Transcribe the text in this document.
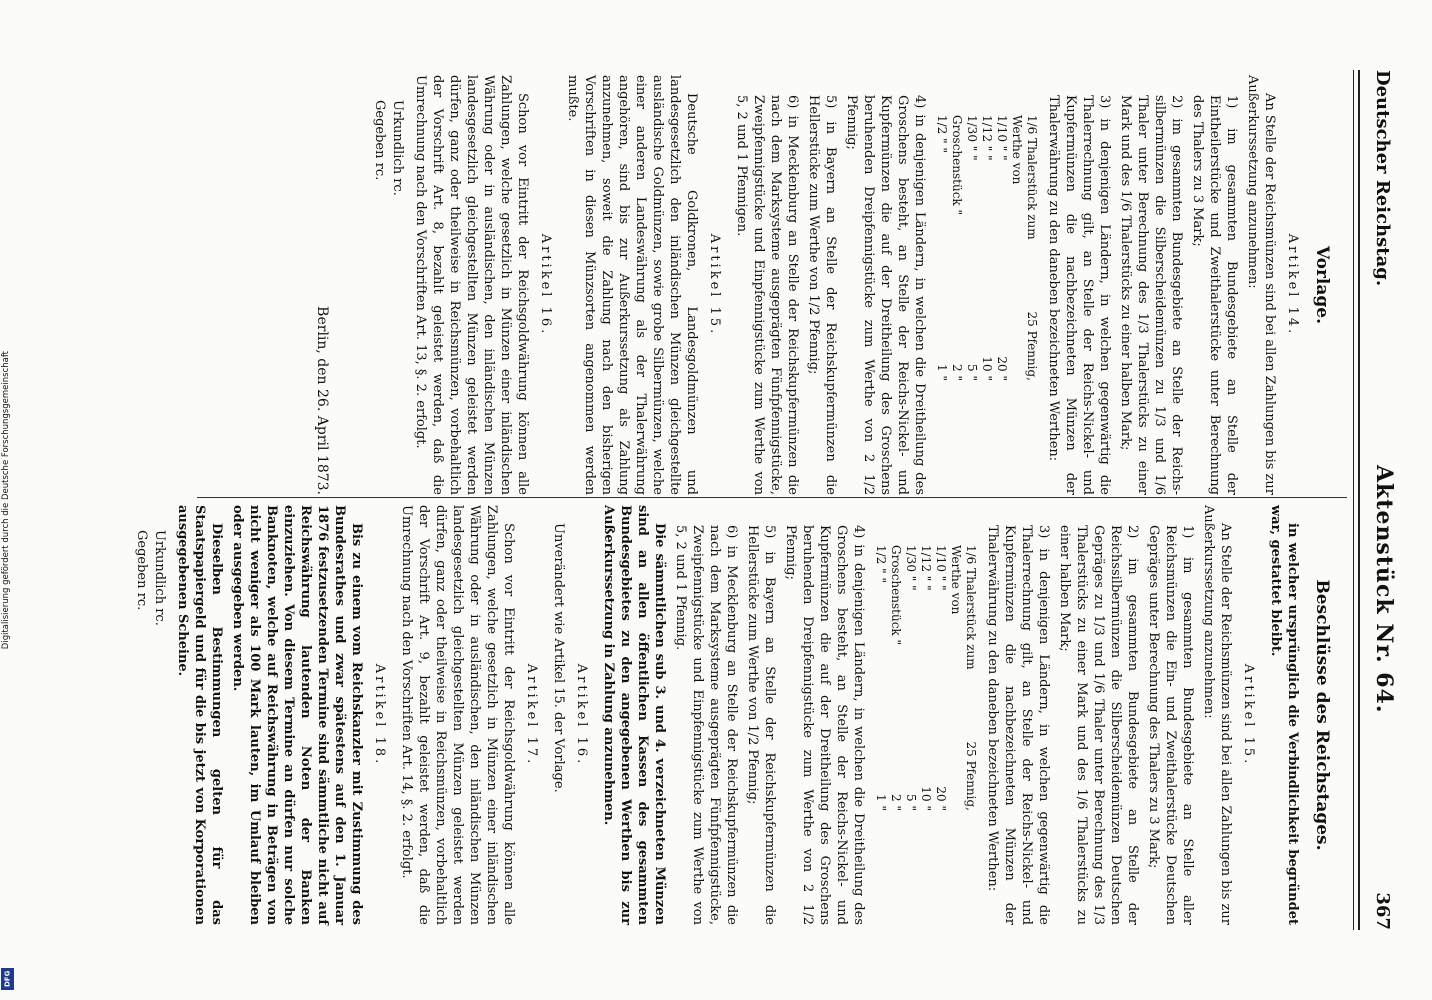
Deutscher Reichstag.
Aktenstück Nr. 64.
367
Vorlage.
Artikel 14.
An Stelle der Reichsmünzen sind bei allen Zahlungen bis zur Außerkurssetzung anzunehmen:
1) im gesammten Bundesgebiete an Stelle der Eintheilerstücke und Zweithalerstücke unter Berechnung des Thalers zu 3 Mark;
2) im gesammten Bundesgebiete an Stelle der Reichs-silbermünzen die Silberscheidemünzen zu 1/3 und 1/6 Thaler unter Berechnung des 1/3 Thalerstücks zu einer Mark und des 1/6 Thalerstücks zu einer halben Mark;
3) in denjenigen Ländern, in welchen gegenwärtig die Thalerrechnung gilt, an Stelle der Reichs-Nickel- und Kupfermünzen die nachbezeichneten Münzen der Thalerwährung zu den daneben bezeichneten Werthen:
1/6 Thalerstück zum Werthe von
25 Pfennig,
1/10 " "
20 "
1/12 " "
10 "
1/30 " "
5 "
Groschenstück "
2 "
1/2 " "
1 "
4) in denjenigen Ländern, in welchen die Dreitheilung des Groschens besteht, an Stelle der Reichs-Nickel- und Kupfermünzen die auf der Dreitheilung des Groschens beruhenden Dreipfennigstücke zum Werthe von 2 1/2 Pfennig;
5) in Bayern an Stelle der Reichskupfermünzen die Hellerstücke zum Werthe von 1/2 Pfennig;
6) in Mecklenburg an Stelle der Reichskupfermünzen die nach dem Marksysteme ausgeprägten Fünfpfennigstücke, Zweipfennigstücke und Einpfennigstücke zum Werthe von 5, 2 und 1 Pfennigen.
Artikel 15.
Deutsche Goldkronen, Landesgoldmünzen und landesgesetzlich den inländischen Münzen gleichgestellte ausländische Goldmünzen, sowie grobe Silbermünzen, welche einer anderen Landeswährung als der Thalerwährung angehören, sind bis zur Außerkurssetzung als Zahlung anzunehmen, soweit die Zahlung nach den bisherigen Vorschriften in diesen Münzsorten angenommen werden mußte.
Artikel 16.
Schon vor Eintritt der Reichsgoldwährung können alle Zahlungen, welche gesetzlich in Münzen einer inländischen Währung oder in ausländischen, den inländischen Münzen landesgesetzlich gleichgestellten Münzen geleistet werden dürfen, ganz oder theilweise in Reichsmünzen, vorbehaltlich der Vorschrift Art. 8, bezahlt geleistet werden, daß die Umrechnung nach den Vorschriften Art. 13, §. 2. erfolgt.
Urkundlich rc.
Gegeben rc.
Berlin, den 26. April 1873.
Beschlüsse des Reichstages.
in welcher ursprünglich die Verbindlichkeit begründet war, gestattet bleibt.
Artikel 15.
An Stelle der Reichsmünzen sind bei allen Zahlungen bis zur Außerkurssetzung anzunehmen:
1) im gesammten Bundesgebiete an Stelle aller Reichsmünzen die Ein- und Zweithalerstücke Deutschen Gepräges unter Berechnung des Thalers zu 3 Mark;
2) im gesammten Bundesgebiete an Stelle der Reichssilbermünzen die Silberscheidemünzen Deutschen Gepräges zu 1/3 und 1/6 Thaler unter Berechnung des 1/3 Thalerstücks zu einer Mark und des 1/6 Thalerstücks zu einer halben Mark;
3) in denjenigen Ländern, in welchen gegenwärtig die Thalerrechnung gilt, an Stelle der Reichs-Nickel- und Kupfermünzen die nachbezeichneten Münzen der Thalerwährung zu den daneben bezeichneten Werthen:
1/6 Thalerstück zum Werthe von
25 Pfennig,
1/10 " "
20 "
1/12 " "
10 "
1/30 " "
5 "
Groschenstück "
2 "
1/2 " "
1 "
4) in denjenigen Ländern, in welchen die Dreitheilung des Groschens besteht, an Stelle der Reichs-Nickel- und Kupfermünzen die auf der Dreitheilung des Groschens beruhenden Dreipfennigstücke zum Werthe von 2 1/2 Pfennig;
5) in Bayern an Stelle der Reichskupfermünzen die Hellerstücke zum Werthe von 1/2 Pfennig;
6) in Mecklenburg an Stelle der Reichskupfermünzen die nach dem Marksysteme ausgeprägten Fünfpfennigstücke, Zweipfennigstücke und Einpfennigstücke zum Werthe von 5, 2 und 1 Pfennig.
Die sämmtlichen sub 3. und 4. verzeichneten Münzen sind an allen öffentlichen Kassen des gesammten Bundesgebietes zu den angegebenen Werthen bis zur Außerkurssetzung in Zahlung anzunehmen.
Artikel 16.
Unverändert wie Artikel 15. der Vorlage.
Artikel 17.
Schon vor Eintritt der Reichsgoldwährung können alle Zahlungen, welche gesetzlich in Münzen einer inländischen Währung oder in ausländischen, den inländischen Münzen landesgesetzlich gleichgestellten Münzen geleistet werden dürfen, ganz oder theilweise in Reichsmünzen, vorbehaltlich der Vorschrift Art. 9, bezahlt geleistet werden, daß die Umrechnung nach den Vorschriften Art. 14, §. 2. erfolgt.
Artikel 18.
Bis zu einem vom Reichskanzler mit Zustimmung des Bundesrathes und zwar spätestens auf den 1. Januar 1876 festzusetzenden Termine sind sämmtliche nicht auf Reichswährung lautenden Noten der Banken einzuziehen. Von diesem Termine an dürfen nur solche Banknoten, welche auf Reichswährung in Beträgen von nicht weniger als 100 Mark lauten, im Umlauf bleiben oder ausgegeben werden.
Dieselben Bestimmungen gelten für das Staatspapiergeld und für die bis jetzt von Korporationen ausgegebenen Scheine.
Urkundlich rc.
Gegeben rc.
Digitalisierung gefördert durch die Deutsche Forschungsgemeinschaft
DFG
